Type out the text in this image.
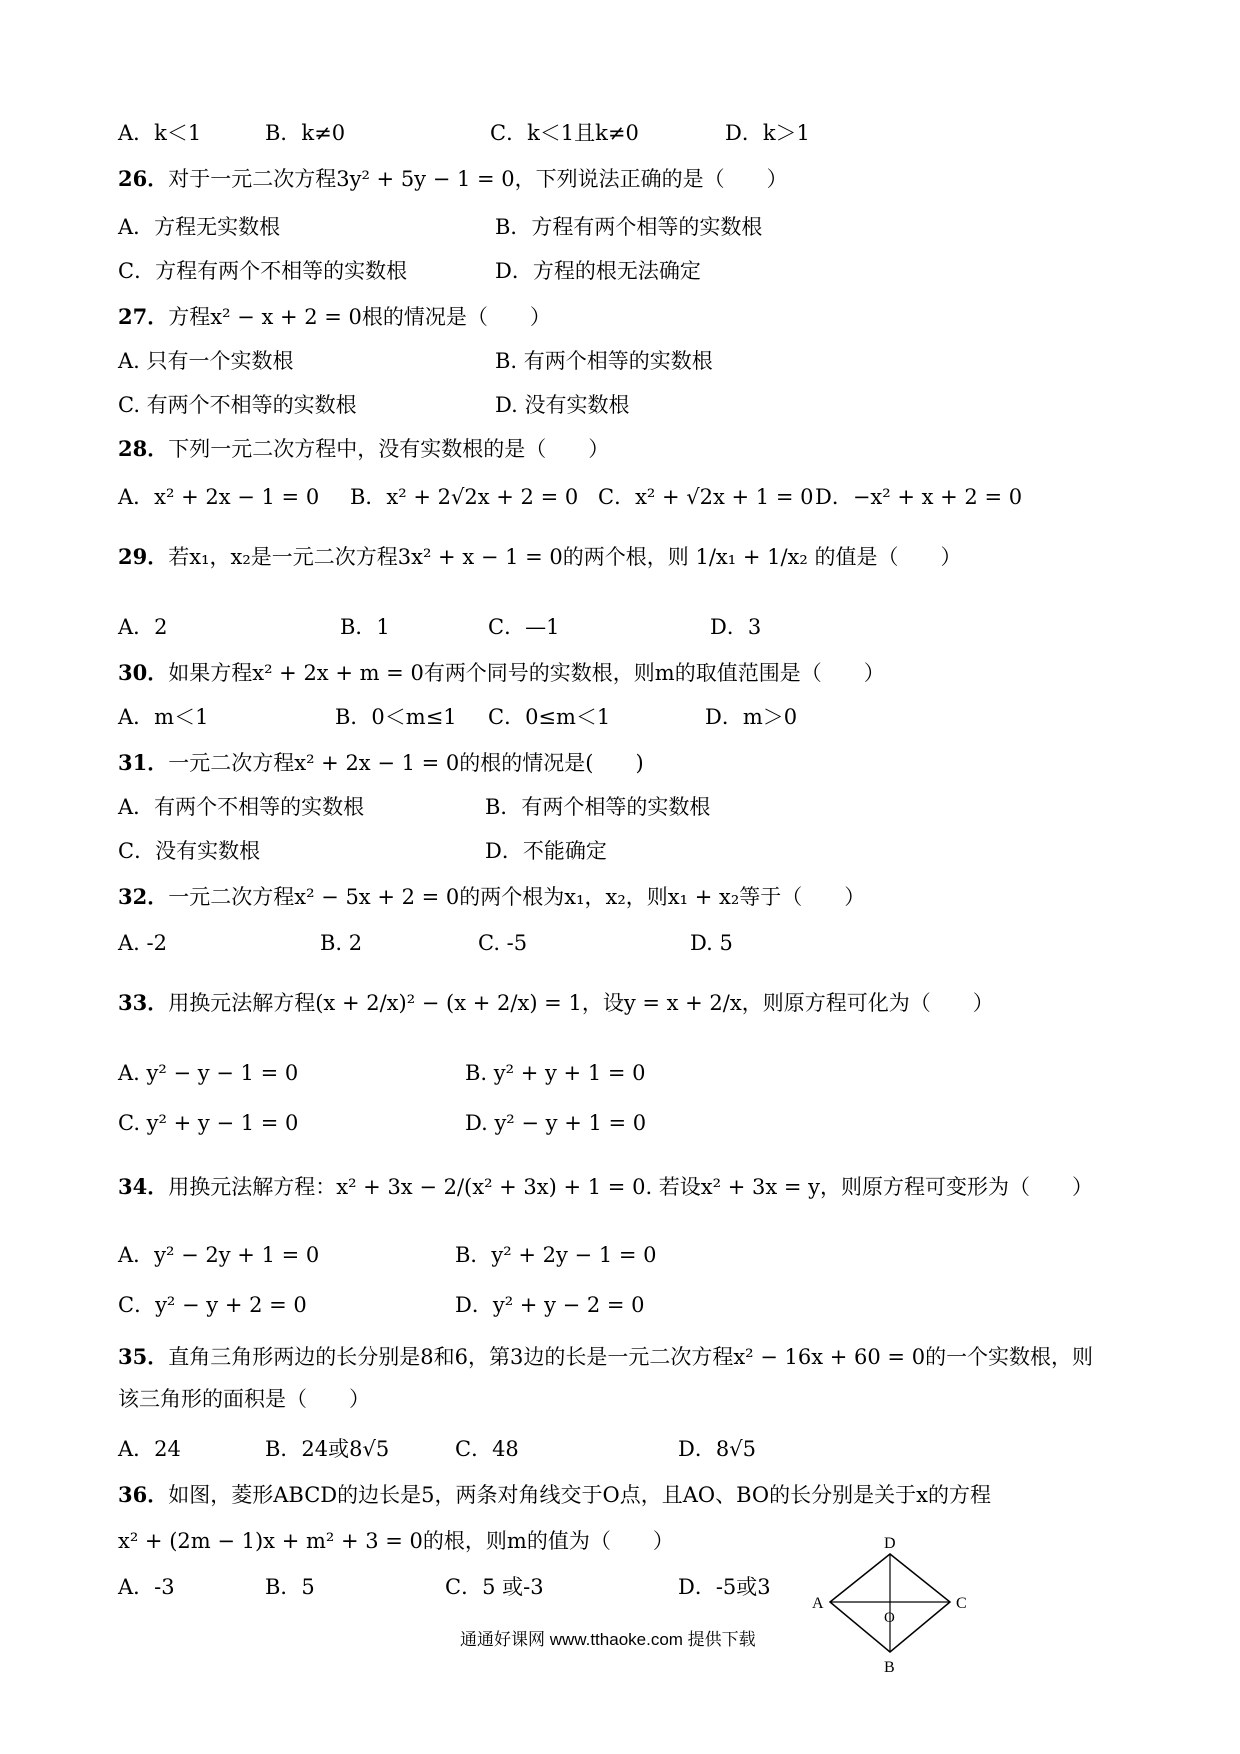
A．k＜1	B．k≠0	C．k＜1且k≠0	D．k＞1
26．对于一元二次方程3y² + 5y − 1 = 0，下列说法正确的是（　　）
A．方程无实数根	B．方程有两个相等的实数根
C．方程有两个不相等的实数根	D．方程的根无法确定
27．方程x² − x + 2 = 0根的情况是（　　）
A. 只有一个实数根	B. 有两个相等的实数根
C. 有两个不相等的实数根	D. 没有实数根
28．下列一元二次方程中，没有实数根的是（　　）
A．x² + 2x − 1 = 0 B．x² + 2√2x + 2 = 0 C．x² + √2x + 1 = 0 D．−x² + x + 2 = 0
29．若x₁，x₂是一元二次方程3x² + x − 1 = 0的两个根，则 1/x₁ + 1/x₂ 的值是（　　）
A．2	B．1	C．—1	D．3
30．如果方程x² + 2x + m = 0有两个同号的实数根，则m的取值范围是（　　）
A．m＜1	B．0＜m≤1 C．0≤m＜1	D．m＞0
31．一元二次方程x² + 2x − 1 = 0的根的情况是(　　)
A．有两个不相等的实数根	B．有两个相等的实数根
C．没有实数根	D．不能确定
32．一元二次方程x² − 5x + 2 = 0的两个根为x₁，x₂，则x₁ + x₂等于（　　）
A. -2	B. 2	C. -5	D. 5
33．用换元法解方程(x + 2/x)² − (x + 2/x) = 1，设y = x + 2/x，则原方程可化为（　　）
A. y² − y − 1 = 0	B. y² + y + 1 = 0
C. y² + y − 1 = 0	D. y² − y + 1 = 0
34．用换元法解方程：x² + 3x − 2/(x² + 3x) + 1 = 0. 若设x² + 3x = y，则原方程可变形为（　　）
A．y² − 2y + 1 = 0	B．y² + 2y − 1 = 0
C．y² − y + 2 = 0	D．y² + y − 2 = 0
35．直角三角形两边的长分别是8和6，第3边的长是一元二次方程x² − 16x + 60 = 0的一个实数根，则
该三角形的面积是（　　）
A．24	B．24或8√5	C．48	D．8√5
36．如图，菱形ABCD的边长是5，两条对角线交于O点，且AO、BO的长分别是关于x的方程
x² + (2m − 1)x + m² + 3 = 0的根，则m的值为（　　）
A．-3	B．5	C．5 或-3	D．-5或3
A	C
D
B
O
通通好课网 www.tthaoke.com 提供下载
